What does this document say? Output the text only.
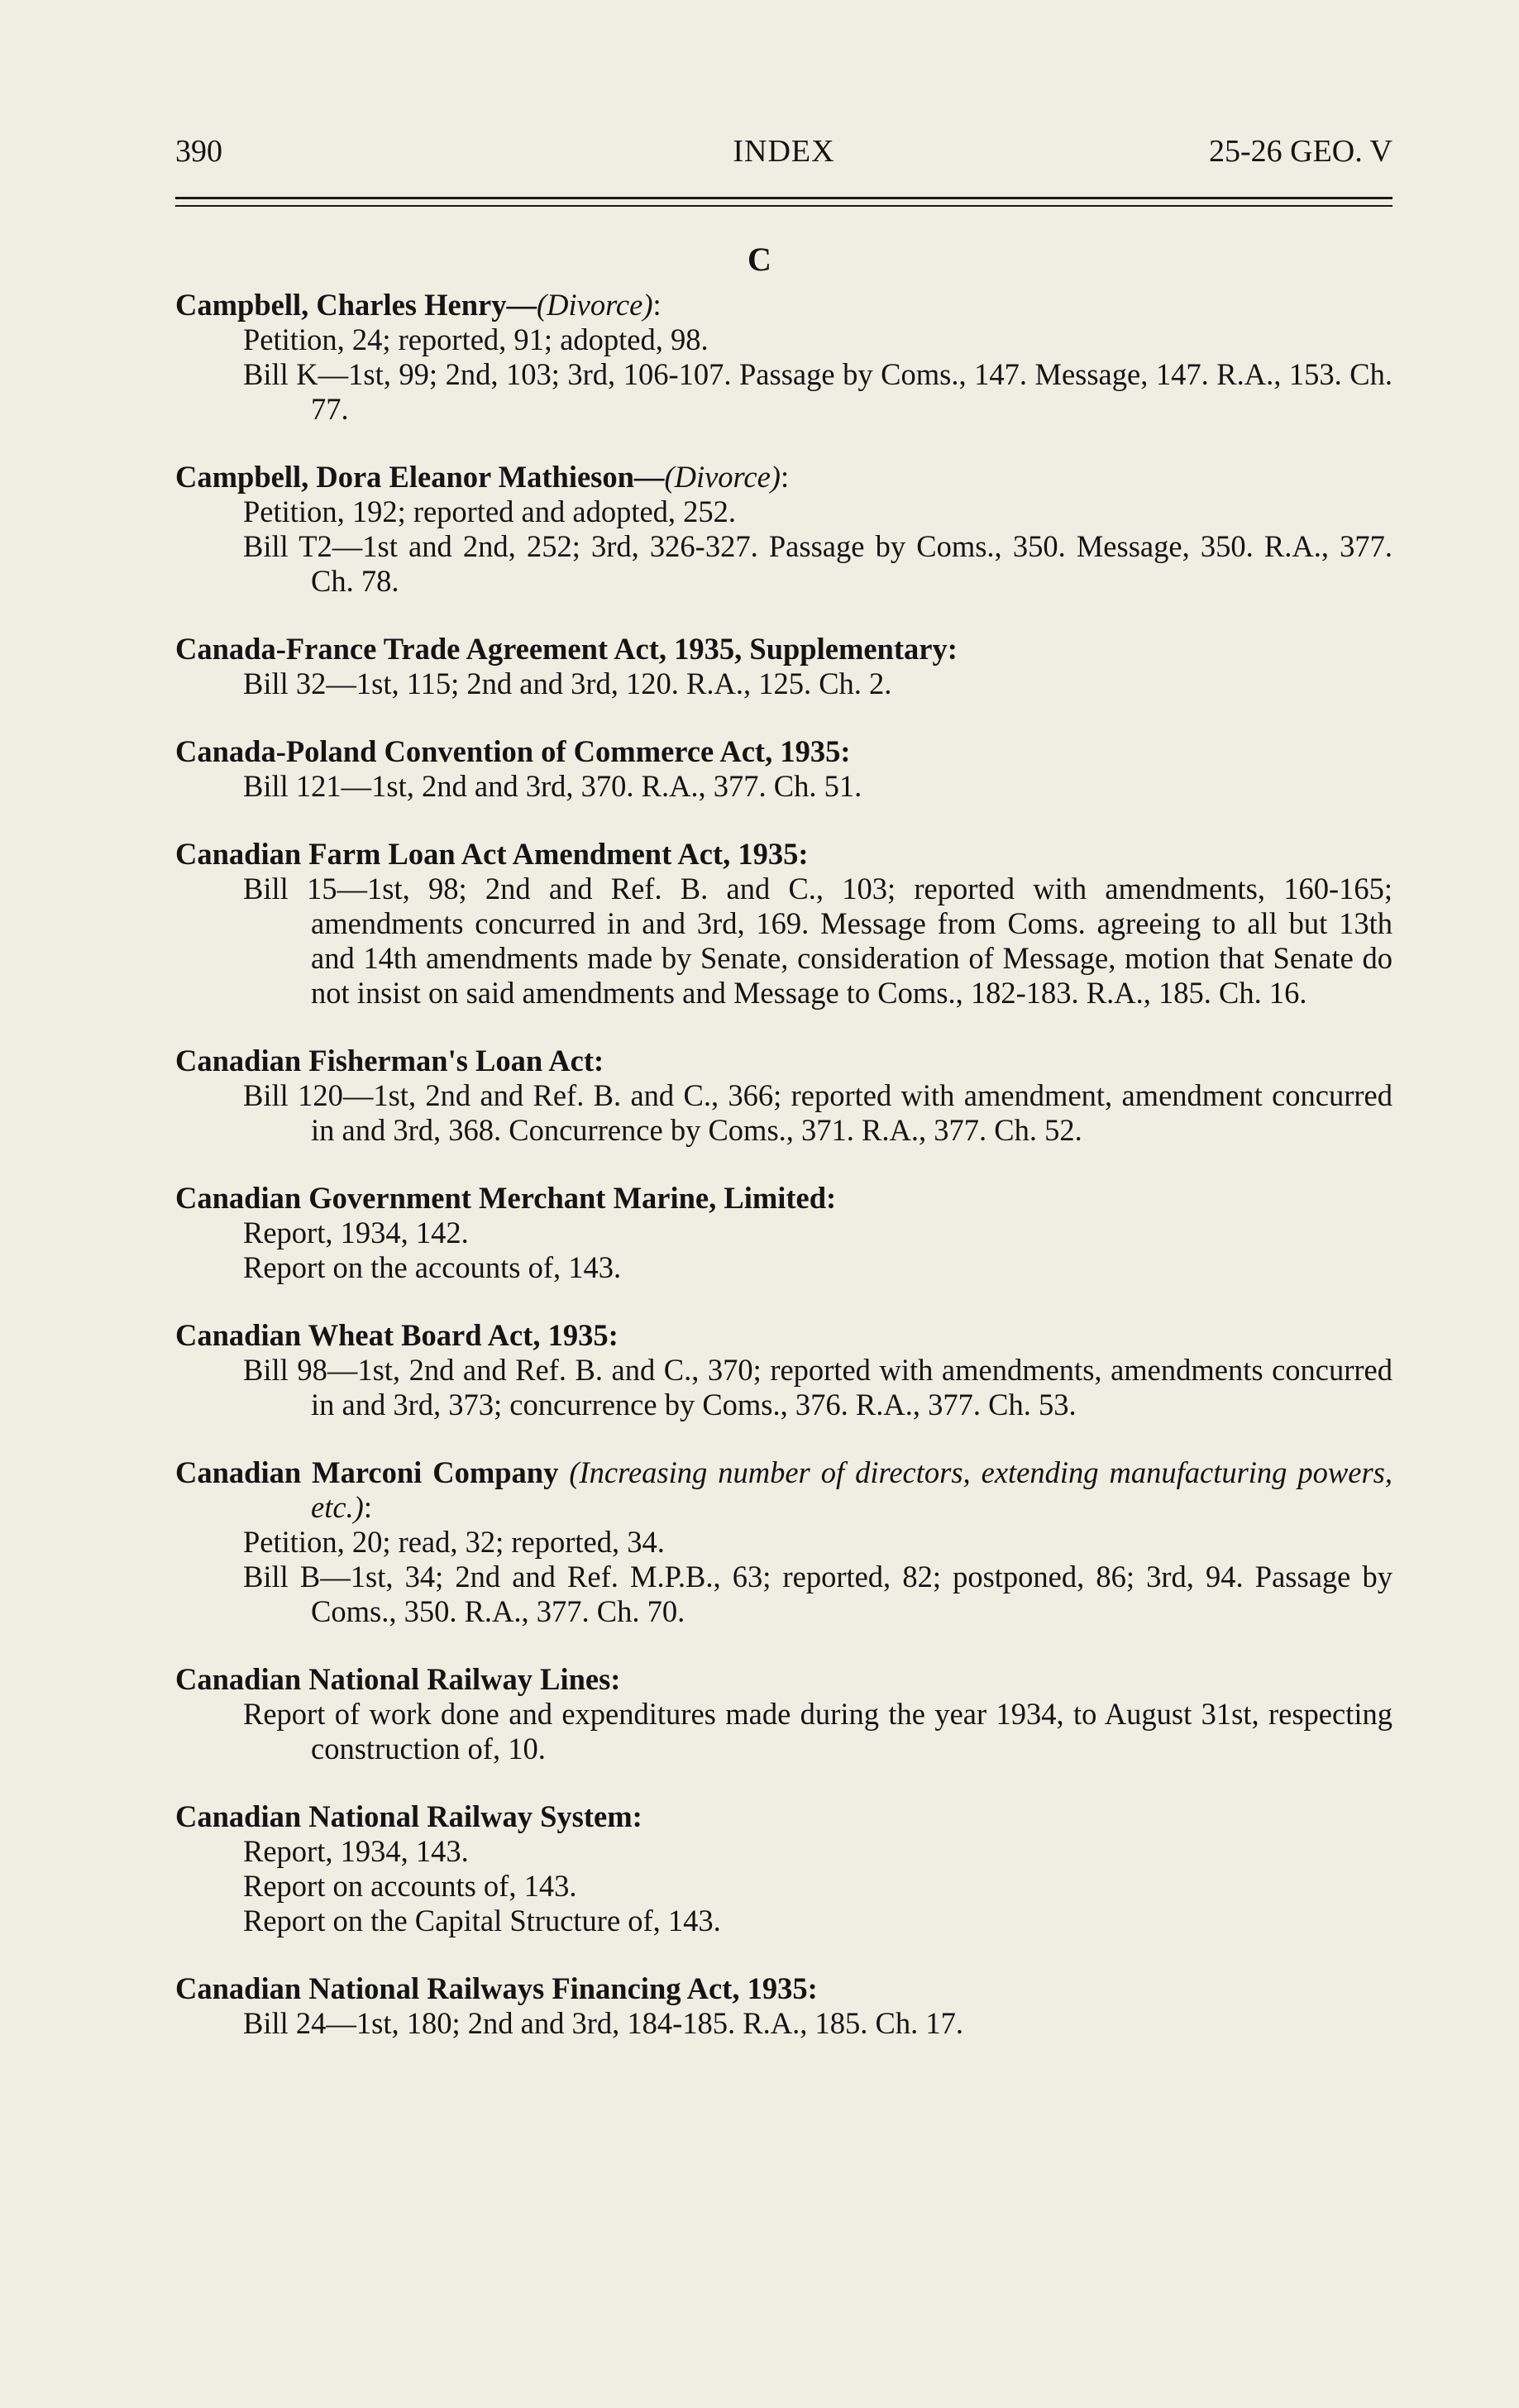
390	INDEX	25-26 GEO. V
C
Campbell, Charles Henry—(Divorce):
Petition, 24; reported, 91; adopted, 98.
Bill K—1st, 99; 2nd, 103; 3rd, 106-107. Passage by Coms., 147. Message, 147. R.A., 153. Ch. 77.
Campbell, Dora Eleanor Mathieson—(Divorce):
Petition, 192; reported and adopted, 252.
Bill T2—1st and 2nd, 252; 3rd, 326-327. Passage by Coms., 350. Message, 350. R.A., 377. Ch. 78.
Canada-France Trade Agreement Act, 1935, Supplementary:
Bill 32—1st, 115; 2nd and 3rd, 120. R.A., 125. Ch. 2.
Canada-Poland Convention of Commerce Act, 1935:
Bill 121—1st, 2nd and 3rd, 370. R.A., 377. Ch. 51.
Canadian Farm Loan Act Amendment Act, 1935:
Bill 15—1st, 98; 2nd and Ref. B. and C., 103; reported with amendments, 160-165; amendments concurred in and 3rd, 169. Message from Coms. agreeing to all but 13th and 14th amendments made by Senate, consideration of Message, motion that Senate do not insist on said amendments and Message to Coms., 182-183. R.A., 185. Ch. 16.
Canadian Fisherman's Loan Act:
Bill 120—1st, 2nd and Ref. B. and C., 366; reported with amendment, amendment concurred in and 3rd, 368. Concurrence by Coms., 371. R.A., 377. Ch. 52.
Canadian Government Merchant Marine, Limited:
Report, 1934, 142.
Report on the accounts of, 143.
Canadian Wheat Board Act, 1935:
Bill 98—1st, 2nd and Ref. B. and C., 370; reported with amendments, amendments concurred in and 3rd, 373; concurrence by Coms., 376. R.A., 377. Ch. 53.
Canadian Marconi Company (Increasing number of directors, extending manufacturing powers, etc.):
Petition, 20; read, 32; reported, 34.
Bill B—1st, 34; 2nd and Ref. M.P.B., 63; reported, 82; postponed, 86; 3rd, 94. Passage by Coms., 350. R.A., 377. Ch. 70.
Canadian National Railway Lines:
Report of work done and expenditures made during the year 1934, to August 31st, respecting construction of, 10.
Canadian National Railway System:
Report, 1934, 143.
Report on accounts of, 143.
Report on the Capital Structure of, 143.
Canadian National Railways Financing Act, 1935:
Bill 24—1st, 180; 2nd and 3rd, 184-185. R.A., 185. Ch. 17.
